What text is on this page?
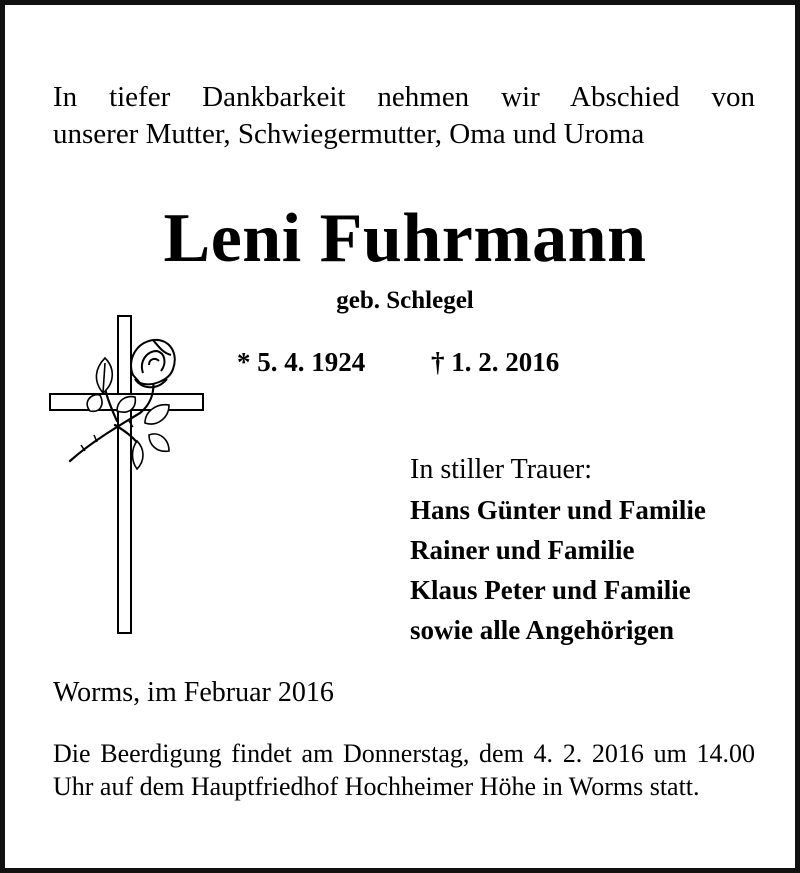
In tiefer Dankbarkeit nehmen wir Abschied von
unserer Mutter, Schwiegermutter, Oma und Uroma
Leni Fuhrmann
geb. Schlegel
* 5. 4. 1924 † 1. 2. 2016
In stiller Trauer:
Hans Günter und Familie
Rainer und Familie
Klaus Peter und Familie
sowie alle Angehörigen
Worms, im Februar 2016
Die Beerdigung findet am Donnerstag, dem 4. 2. 2016 um 14.00 Uhr auf dem Hauptfriedhof Hochheimer Höhe in Worms statt.
